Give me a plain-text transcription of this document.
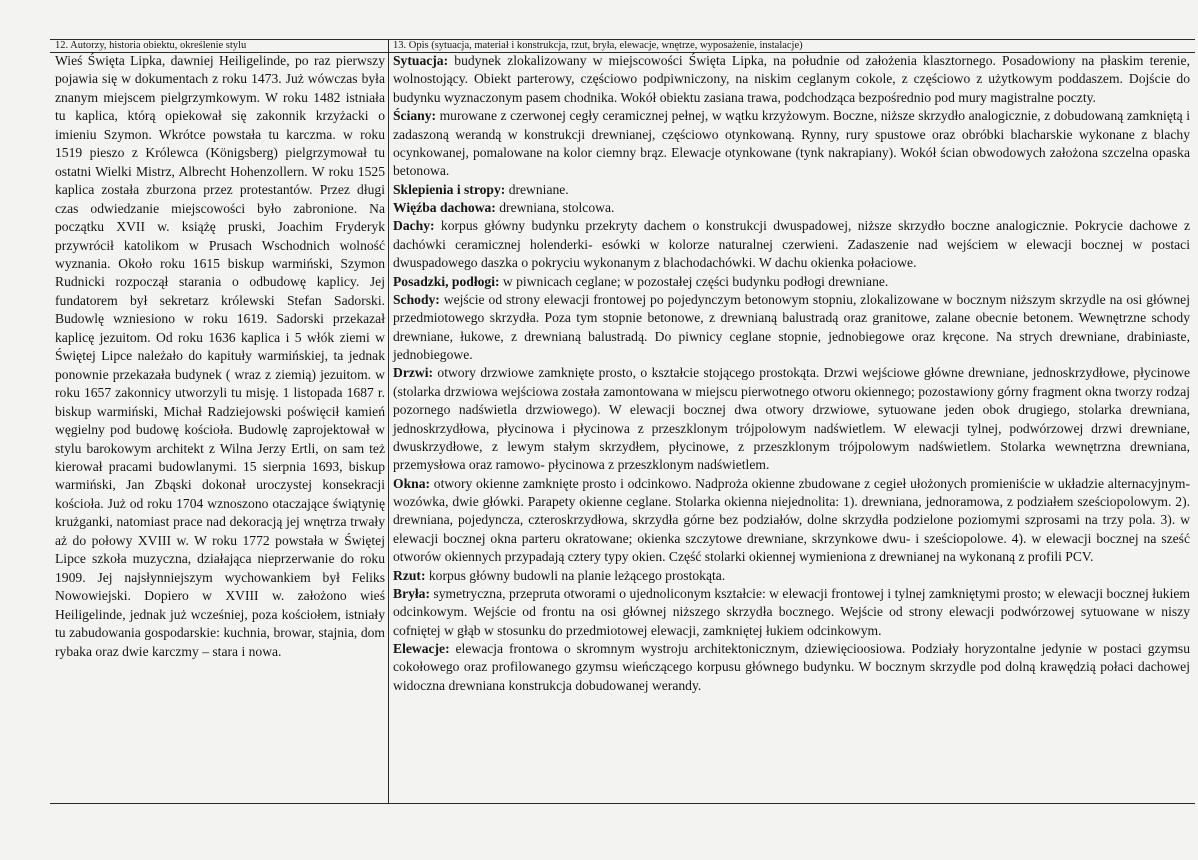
12. Autorzy, historia obiektu, określenie stylu	13. Opis (sytuacja, materiał i konstrukcja, rzut, bryła, elewacje, wnętrze, wyposażenie, instalacje)

Wieś Święta Lipka, dawniej Heiligelinde, po raz pierwszy pojawia się w dokumentach z roku 1473. Już wówczas była znanym miejscem pielgrzymkowym. W roku 1482 istniała tu kaplica, którą opiekował się zakonnik krzyżacki o imieniu Szymon. Wkrótce powstała tu karczma. w roku 1519 pieszo z Królewca (Königsberg) pielgrzymował tu ostatni Wielki Mistrz, Albrecht Hohenzollern. W roku 1525 kaplica została zburzona przez protestantów. Przez długi czas odwiedzanie miejscowości było zabronione. Na początku XVII w. książę pruski, Joachim Fryderyk przywrócił katolikom w Prusach Wschodnich wolność wyznania. Około roku 1615 biskup warmiński, Szymon Rudnicki rozpoczął starania o odbudowę kaplicy. Jej fundatorem był sekretarz królewski Stefan Sadorski. Budowlę wzniesiono w roku 1619. Sadorski przekazał kaplicę jezuitom. Od roku 1636 kaplica i 5 włók ziemi w Świętej Lipce należało do kapituły warmińskiej, ta jednak ponownie przekazała budynek ( wraz z ziemią) jezuitom. w roku 1657 zakonnicy utworzyli tu misję. 1 listopada 1687 r. biskup warmiński, Michał Radziejowski poświęcił kamień węgielny pod budowę kościoła. Budowlę zaprojektował w stylu barokowym architekt z Wilna Jerzy Ertli, on sam też kierował pracami budowlanymi. 15 sierpnia 1693, biskup warmiński, Jan Zbąski dokonał uroczystej konsekracji kościoła. Już od roku 1704 wznoszono otaczające świątynię krużganki, natomiast prace nad dekoracją jej wnętrza trwały aż do połowy XVIII w. W roku 1772 powstała w Świętej Lipce szkoła muzyczna, działająca nieprzerwanie do roku 1909. Jej najsłynniejszym wychowankiem był Feliks Nowowiejski. Dopiero w XVIII w. założono wieś Heiligelinde, jednak już wcześniej, poza kościołem, istniały tu zabudowania gospodarskie: kuchnia, browar, stajnia, dom rybaka oraz dwie karczmy – stara i nowa.

Sytuacja: budynek zlokalizowany w miejscowości Święta Lipka, na południe od założenia klasztornego. Posadowiony na płaskim terenie, wolnostojący. Obiekt parterowy, częściowo podpiwniczony, na niskim ceglanym cokole, z częściowo z użytkowym poddaszem. Dojście do budynku wyznaczonym pasem chodnika. Wokół obiektu zasiana trawa, podchodząca bezpośrednio pod mury magistralne poczty.

Ściany: murowane z czerwonej cegły ceramicznej pełnej, w wątku krzyżowym. Boczne, niższe skrzydło analogicznie, z dobudowaną zamkniętą i zadaszoną werandą w konstrukcji drewnianej, częściowo otynkowaną. Rynny, rury spustowe oraz obróbki blacharskie wykonane z blachy ocynkowanej, pomalowane na kolor ciemny brąz. Elewacje otynkowane (tynk nakrapiany). Wokół ścian obwodowych założona szczelna opaska betonowa.

Sklepienia i stropy: drewniane.

Więźba dachowa: drewniana, stolcowa.

Dachy: korpus główny budynku przekryty dachem o konstrukcji dwuspadowej, niższe skrzydło boczne analogicznie. Pokrycie dachowe z dachówki ceramicznej holenderki- esówki w kolorze naturalnej czerwieni. Zadaszenie nad wejściem w elewacji bocznej w postaci dwuspadowego daszka o pokryciu wykonanym z blachodachówki. W dachu okienka połaciowe.

Posadzki, podłogi: w piwnicach ceglane; w pozostałej części budynku podłogi drewniane.

Schody: wejście od strony elewacji frontowej po pojedynczym betonowym stopniu, zlokalizowane w bocznym niższym skrzydle na osi głównej przedmiotowego skrzydła. Poza tym stopnie betonowe, z drewnianą balustradą oraz granitowe, zalane obecnie betonem. Wewnętrzne schody drewniane, łukowe, z drewnianą balustradą. Do piwnicy ceglane stopnie, jednobiegowe oraz kręcone. Na strych drewniane, drabiniaste, jednobiegowe.

Drzwi: otwory drzwiowe zamknięte prosto, o kształcie stojącego prostokąta. Drzwi wejściowe główne drewniane, jednoskrzydłowe, płycinowe (stolarka drzwiowa wejściowa została zamontowana w miejscu pierwotnego otworu okiennego; pozostawiony górny fragment okna tworzy rodzaj pozornego nadświetla drzwiowego). W elewacji bocznej dwa otwory drzwiowe, sytuowane jeden obok drugiego, stolarka drewniana, jednoskrzydłowa, płycinowa i płycinowa z przeszklonym trójpolowym nadświetlem. W elewacji tylnej, podwórzowej drzwi drewniane, dwuskrzydłowe, z lewym stałym skrzydłem, płycinowe, z przeszklonym trójpolowym nadświetlem. Stolarka wewnętrzna drewniana, przemysłowa oraz ramowo- płycinowa z przeszklonym nadświetlem.

Okna: otwory okienne zamknięte prosto i odcinkowo. Nadproża okienne zbudowane z cegieł ułożonych promieniście w układzie alternacyjnym- wozówka, dwie główki. Parapety okienne ceglane. Stolarka okienna niejednolita: 1). drewniana, jednoramowa, z podziałem sześciopolowym. 2). drewniana, pojedyncza, czteroskrzydłowa, skrzydła górne bez podziałów, dolne skrzydła podzielone poziomymi szprosami na trzy pola. 3). w elewacji bocznej okna parteru okratowane; okienka szczytowe drewniane, skrzynkowe dwu- i sześciopolowe. 4). w elewacji bocznej na sześć otworów okiennych przypadają cztery typy okien. Część stolarki okiennej wymieniona z drewnianej na wykonaną z profili PCV.

Rzut: korpus główny budowli na planie leżącego prostokąta.

Bryła: symetryczna, przepruta otworami o ujednoliconym kształcie: w elewacji frontowej i tylnej zamkniętymi prosto; w elewacji bocznej łukiem odcinkowym. Wejście od frontu na osi głównej niższego skrzydła bocznego. Wejście od strony elewacji podwórzowej sytuowane w niszy cofniętej w głąb w stosunku do przedmiotowej elewacji, zamkniętej łukiem odcinkowym.

Elewacje: elewacja frontowa o skromnym wystroju architektonicznym, dziewięcioosiowa. Podziały horyzontalne jedynie w postaci gzymsu cokołowego oraz profilowanego gzymsu wieńczącego korpusu głównego budynku. W bocznym skrzydle pod dolną krawędzią połaci dachowej widoczna drewniana konstrukcja dobudowanej werandy.
